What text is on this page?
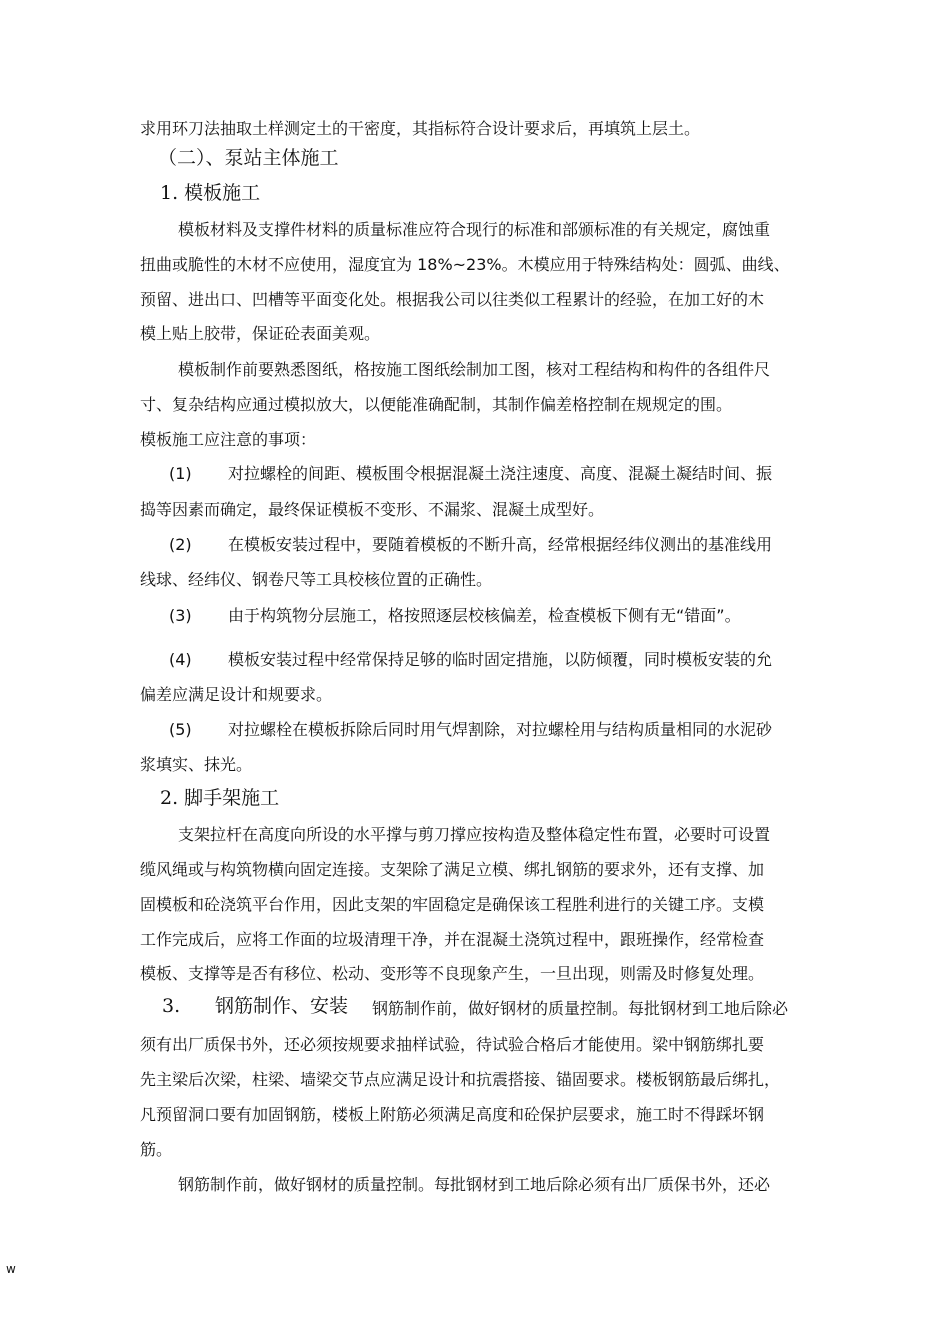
求用环刀法抽取土样测定土的干密度，其指标符合设计要求后，再填筑上层土。
（二）、泵站主体施工
1. 模板施工
模板材料及支撑件材料的质量标准应符合现行的标准和部颁标准的有关规定，腐蚀重
扭曲或脆性的木材不应使用，湿度宜为 18%~23%。木模应用于特殊结构处：圆弧、曲线、
预留、进出口、凹槽等平面变化处。根据我公司以往类似工程累计的经验，在加工好的木
模上贴上胶带，保证砼表面美观。
模板制作前要熟悉图纸，格按施工图纸绘制加工图，核对工程结构和构件的各组件尺
寸、复杂结构应通过模拟放大，以便能准确配制，其制作偏差格控制在规规定的围。
模板施工应注意的事项：
(1) 对拉螺栓的间距、模板围令根据混凝土浇注速度、高度、混凝土凝结时间、振
捣等因素而确定，最终保证模板不变形、不漏浆、混凝土成型好。
(2) 在模板安装过程中，要随着模板的不断升高，经常根据经纬仪测出的基准线用
线球、经纬仪、钢卷尺等工具校核位置的正确性。
(3) 由于构筑物分层施工，格按照逐层校核偏差，检查模板下侧有无“错面”。
(4) 模板安装过程中经常保持足够的临时固定措施，以防倾覆，同时模板安装的允
偏差应满足设计和规要求。
(5) 对拉螺栓在模板拆除后同时用气焊割除，对拉螺栓用与结构质量相同的水泥砂
浆填实、抹光。
2. 脚手架施工
支架拉杆在高度向所设的水平撑与剪刀撑应按构造及整体稳定性布置，必要时可设置
缆风绳或与构筑物横向固定连接。支架除了满足立模、绑扎钢筋的要求外，还有支撑、加
固模板和砼浇筑平台作用，因此支架的牢固稳定是确保该工程胜利进行的关键工序。支模
工作完成后，应将工作面的垃圾清理干净，并在混凝土浇筑过程中，跟班操作，经常检查
模板、支撑等是否有移位、松动、变形等不良现象产生，一旦出现，则需及时修复处理。
3. 钢筋制作、安装 钢筋制作前，做好钢材的质量控制。每批钢材到工地后除必
须有出厂质保书外，还必须按规要求抽样试验，待试验合格后才能使用。梁中钢筋绑扎要
先主梁后次梁，柱梁、墙梁交节点应满足设计和抗震搭接、锚固要求。楼板钢筋最后绑扎，
凡预留洞口要有加固钢筋，楼板上附筋必须满足高度和砼保护层要求，施工时不得踩坏钢
筋。
钢筋制作前，做好钢材的质量控制。每批钢材到工地后除必须有出厂质保书外，还必
w
